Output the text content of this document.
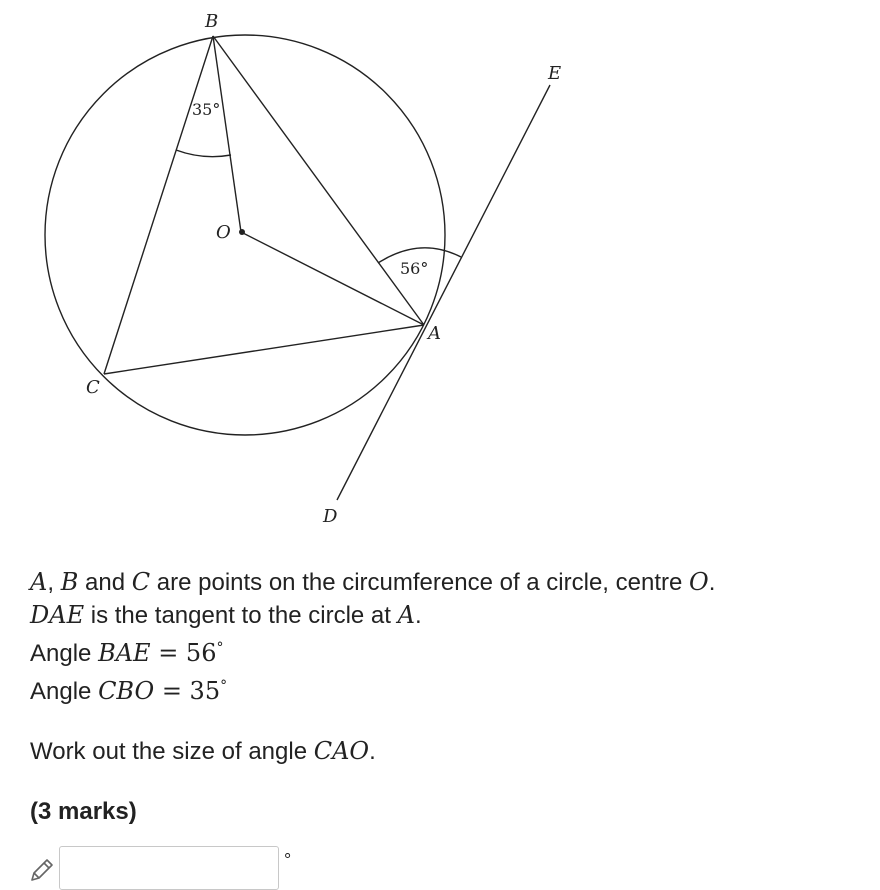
B
E
O
A
C
D
35°
56°
A, B and C are points on the circumference of a circle, centre O.
DAE is the tangent to the circle at A.
Angle BAE = 56°
Angle CBO = 35°
Work out the size of angle CAO.
(3 marks)
°
